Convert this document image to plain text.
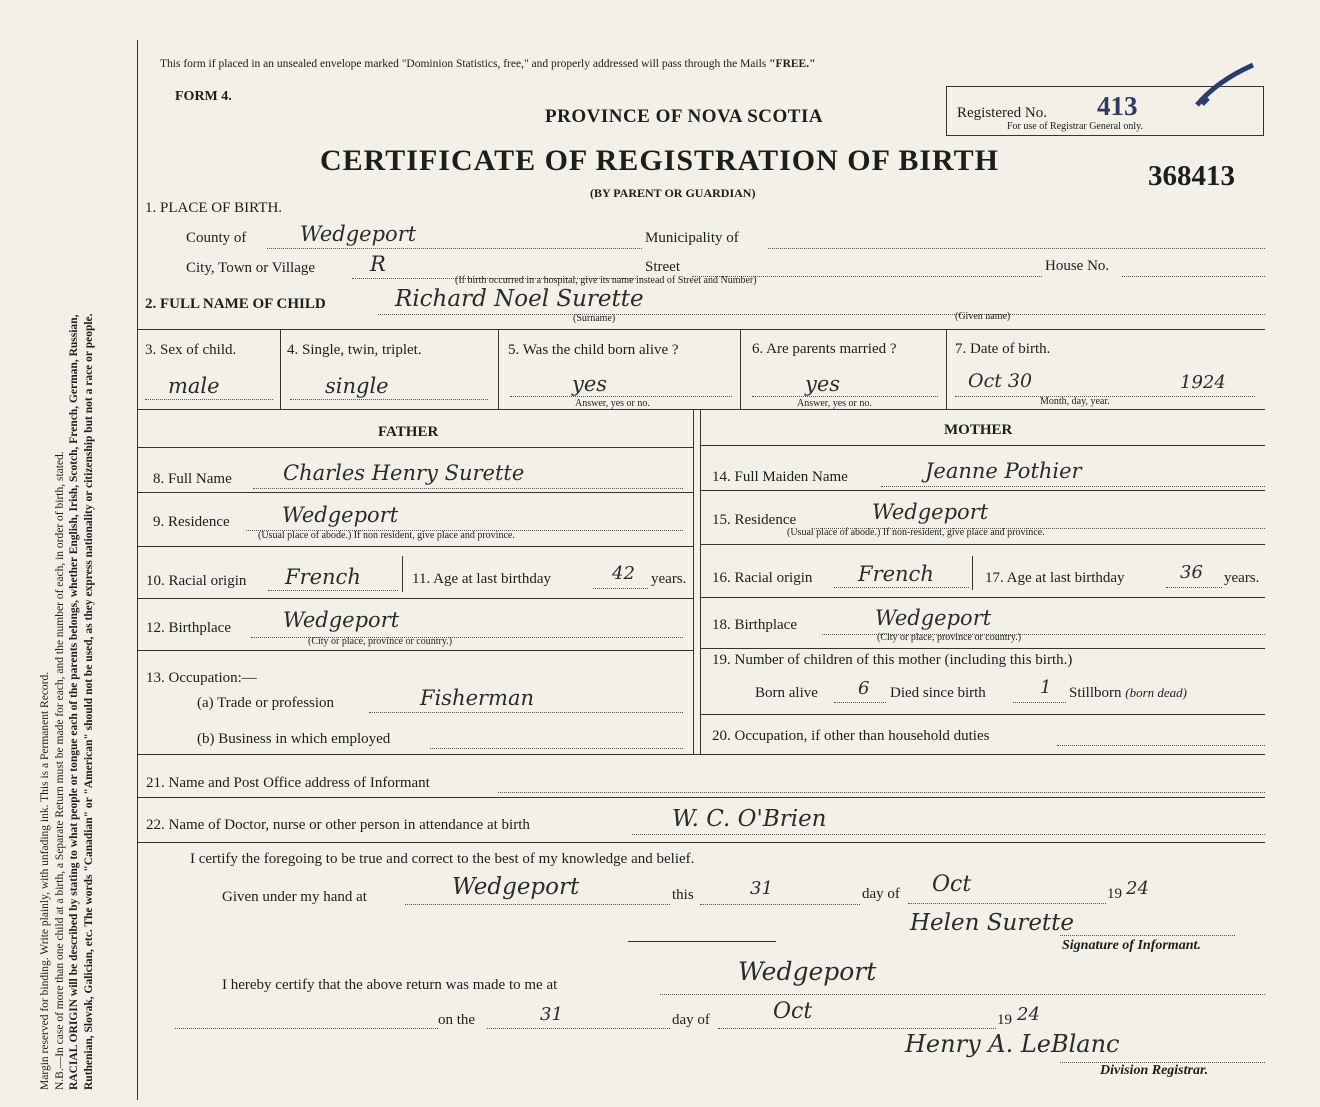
Margin reserved for binding. Write plainly, with unfading ink. This is a Permanent Record. N.B.—In case of more than one child at a birth, a Separate Return must be made for each, and the number of each, in order of birth, stated. RACIAL ORIGIN will be described by stating to what people or tongue each of the parents belongs, whether English, Irish, Scotch, French, German, Russian, Ruthenian, Slovak, Galician, etc. The words "Canadian" or "American" should not be used, as they express nationality or citizenship but not a race or people.
This form if placed in an unsealed envelope marked "Dominion Statistics, free," and properly addressed will pass through the Mails "FREE."
FORM 4.
PROVINCE OF NOVA SCOTIA
CERTIFICATE OF REGISTRATION OF BIRTH
(BY PARENT OR GUARDIAN)
Registered No. 413
For use of Registrar General only.
368413
1. PLACE OF BIRTH.
County of	Wedgeport	Municipality of
City, Town or Village	R	Street	House No.
(If birth occurred in a hospital, give its name instead of Street and Number)
2. FULL NAME OF CHILD	Richard Noel Surette
(Surname)	(Given name)
3. Sex of child.
male
4. Single, twin, triplet.
single
5. Was the child born alive ?
yes
Answer, yes or no.
6. Are parents married ?
yes
Answer, yes or no.
7. Date of birth.
Oct 30	1924
Month, day, year.
FATHER	MOTHER
8. Full Name Charles Henry Surette
9. Residence Wedgeport
(Usual place of abode.) If non resident, give place and province.
10. Racial origin French	11. Age at last birthday	42 years.
12. Birthplace Wedgeport
(City or place, province or country.)
13. Occupation:—
(a) Trade or profession	Fisherman
(b) Business in which employed
14. Full Maiden Name	Jeanne Pothier
15. Residence	Wedgeport
(Usual place of abode.) If non-resident, give place and province.
16. Racial origin French	17. Age at last birthday	36 years.
18. Birthplace	Wedgeport
(City or place, province or country.)
19. Number of children of this mother (including this birth.)
Born alive 6 Died since birth	1 Stillborn (born dead)
20. Occupation, if other than household duties
21. Name and Post Office address of Informant
22. Name of Doctor, nurse or other person in attendance at birth	W. C. O'Brien
I certify the foregoing to be true and correct to the best of my knowledge and belief.
Given under my hand at	Wedgeport	this	31	day of Oct	19 24
Helen Surette
Signature of Informant.
I hereby certify that the above return was made to me at	Wedgeport
on the	31	day of	Oct	19 24
Henry A. LeBlanc
Division Registrar.
